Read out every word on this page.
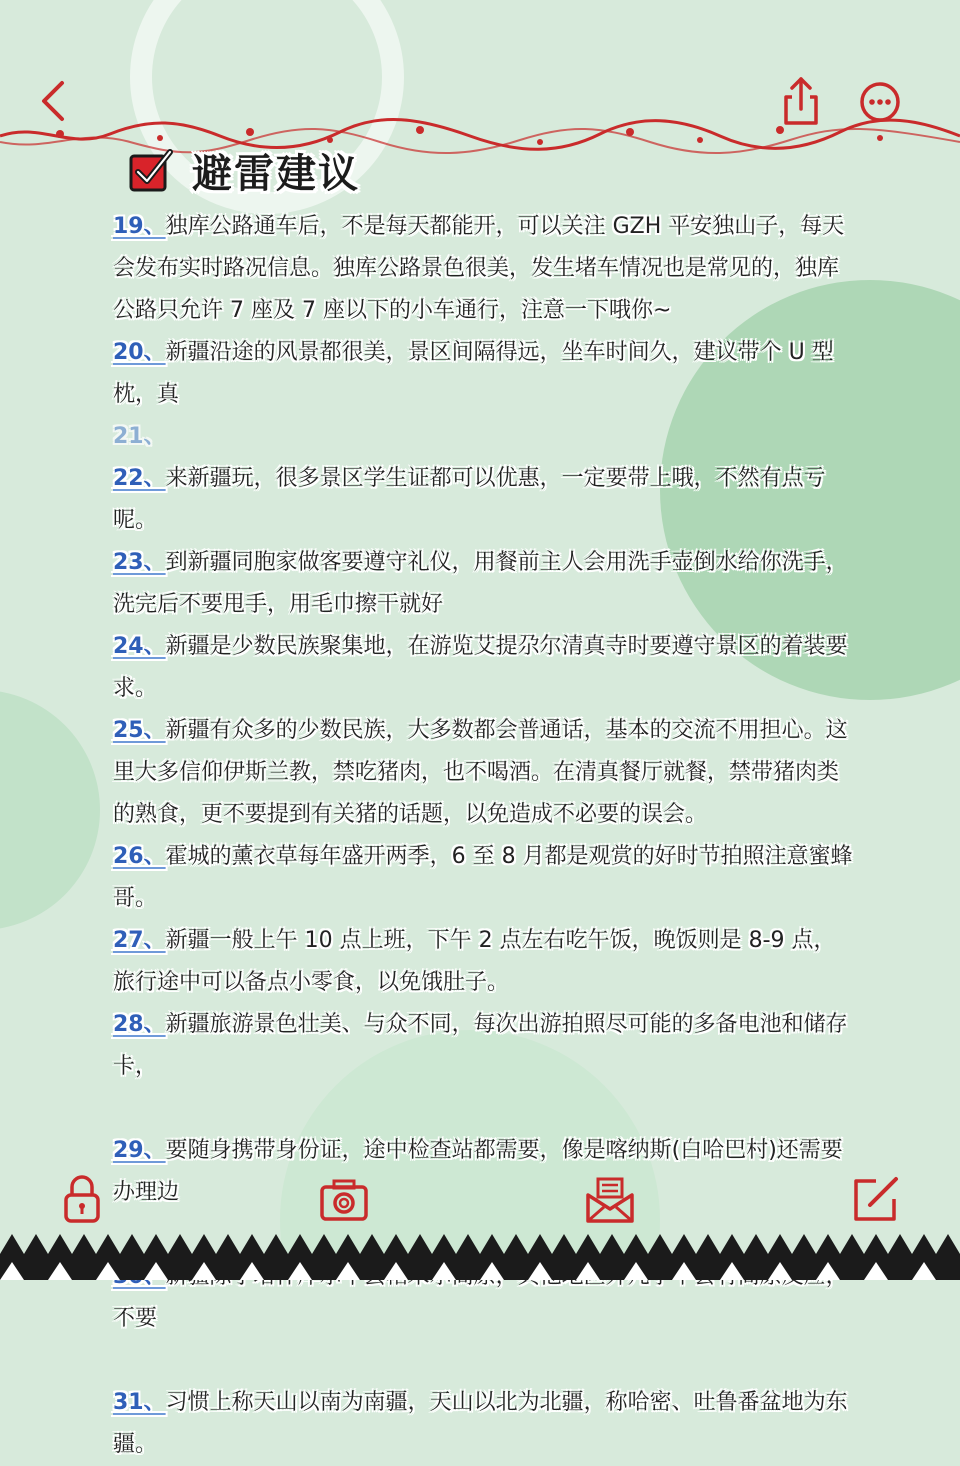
避雷建议
19、独库公路通车后，不是每天都能开，可以关注 GZH 平安独山子，每天会发布实时路况信息。独库公路景色很美，发生堵车情况也是常见的，独库公路只允许 7 座及 7 座以下的小车通行，注意一下哦你~
20、新疆沿途的风景都很美，景区间隔得远，坐车时间久，建议带个 U 型枕，真
21、
22、来新疆玩，很多景区学生证都可以优惠，一定要带上哦，不然有点亏呢。
23、到新疆同胞家做客要遵守礼仪，用餐前主人会用洗手壶倒水给你洗手，洗完后不要甩手，用毛巾擦干就好
24、新疆是少数民族聚集地，在游览艾提尕尔清真寺时要遵守景区的着装要求。
25、新疆有众多的少数民族，大多数都会普通话，基本的交流不用担心。这里大多信仰伊斯兰教，禁吃猪肉，也不喝酒。在清真餐厅就餐，禁带猪肉类的熟食，更不要提到有关猪的话题，以免造成不必要的误会。
26、霍城的薰衣草每年盛开两季，6 至 8 月都是观赏的好时节拍照注意蜜蜂哥。
27、新疆一般上午 10 点上班，下午 2 点左右吃午饭，晚饭则是 8-9 点，旅行途中可以备点小零食，以免饿肚子。
28、新疆旅游景色壮美、与众不同，每次出游拍照尽可能的多备电池和储存卡，
29、要随身携带身份证，途中检查站都需要，像是喀纳斯(白哈巴村)还需要办理边
不要
31、习惯上称天山以南为南疆，天山以北为北疆，称哈密、吐鲁番盆地为东疆。
